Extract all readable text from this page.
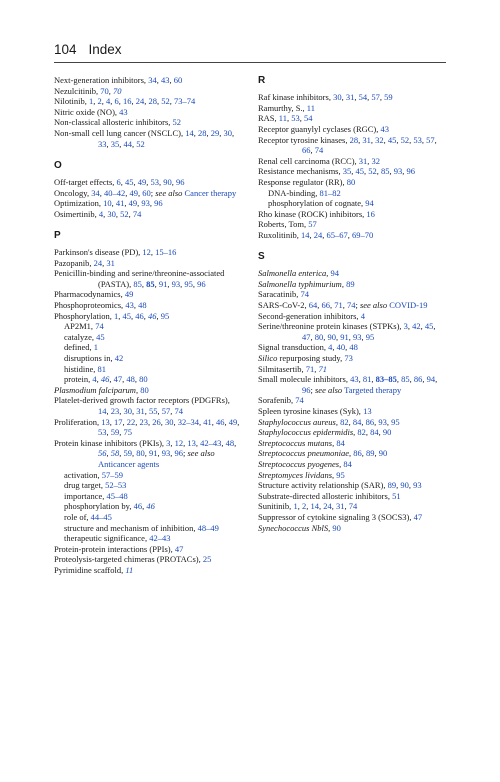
104 Index
Next-generation inhibitors, 34, 43, 60
Nezulcitinib, 70, 70
Nilotinib, 1, 2, 4, 6, 16, 24, 28, 52, 73–74
Nitric oxide (NO), 43
Non-classical allosteric inhibitors, 52
Non-small cell lung cancer (NSCLC), 14, 28, 29, 30, 33, 35, 44, 52
O
Off-target effects, 6, 45, 49, 53, 90, 96
Oncology, 34, 40–42, 49, 60; see also Cancer therapy
Optimization, 10, 41, 49, 93, 96
Osimertinib, 4, 30, 52, 74
P
Parkinson's disease (PD), 12, 15–16
Pazopanib, 24, 31
Penicillin-binding and serine/threonine-associated (PASTA), 85, 85, 91, 93, 95, 96
Pharmacodynamics, 49
Phosphoproteomics, 43, 48
Phosphorylation, 1, 45, 46, 46, 95
AP2M1, 74
catalyze, 45
defined, 1
disruptions in, 42
histidine, 81
protein, 4, 46, 47, 48, 80
Plasmodium falciparum, 80
Platelet-derived growth factor receptors (PDGFRs), 14, 23, 30, 31, 55, 57, 74
Proliferation, 13, 17, 22, 23, 26, 30, 32–34, 41, 46, 49, 53, 59, 75
Protein kinase inhibitors (PKIs), 3, 12, 13, 42–43, 48, 56, 58, 59, 80, 91, 93, 96; see also Anticancer agents
activation, 57–59
drug target, 52–53
importance, 45–48
phosphorylation by, 46, 46
role of, 44–45
structure and mechanism of inhibition, 48–49
therapeutic significance, 42–43
Protein-protein interactions (PPIs), 47
Proteolysis-targeted chimeras (PROTACs), 25
Pyrimidine scaffold, 11
R
Raf kinase inhibitors, 30, 31, 54, 57, 59
Ramurthy, S., 11
RAS, 11, 53, 54
Receptor guanylyl cyclases (RGC), 43
Receptor tyrosine kinases, 28, 31, 32, 45, 52, 53, 57, 66, 74
Renal cell carcinoma (RCC), 31, 32
Resistance mechanisms, 35, 45, 52, 85, 93, 96
Response regulator (RR), 80
DNA-binding, 81–82
phosphorylation of cognate, 94
Rho kinase (ROCK) inhibitors, 16
Roberts, Tom, 57
Ruxolitinib, 14, 24, 65–67, 69–70
S
Salmonella enterica, 94
Salmonella typhimurium, 89
Saracatinib, 74
SARS-CoV-2, 64, 66, 71, 74; see also COVID-19
Second-generation inhibitors, 4
Serine/threonine protein kinases (STPKs), 3, 42, 45, 47, 80, 90, 91, 93, 95
Signal transduction, 4, 40, 48
Silico repurposing study, 73
Silmitasertib, 71, 71
Small molecule inhibitors, 43, 81, 83–85, 85, 86, 94, 96; see also Targeted therapy
Sorafenib, 74
Spleen tyrosine kinases (Syk), 13
Staphylococcus aureus, 82, 84, 86, 93, 95
Staphylococcus epidermidis, 82, 84, 90
Streptococcus mutans, 84
Streptococcus pneumoniae, 86, 89, 90
Streptococcus pyogenes, 84
Streptomyces lividans, 95
Structure activity relationship (SAR), 89, 90, 93
Substrate-directed allosteric inhibitors, 51
Sunitinib, 1, 2, 14, 24, 31, 74
Suppressor of cytokine signaling 3 (SOCS3), 47
Synechococcus NblS, 90
